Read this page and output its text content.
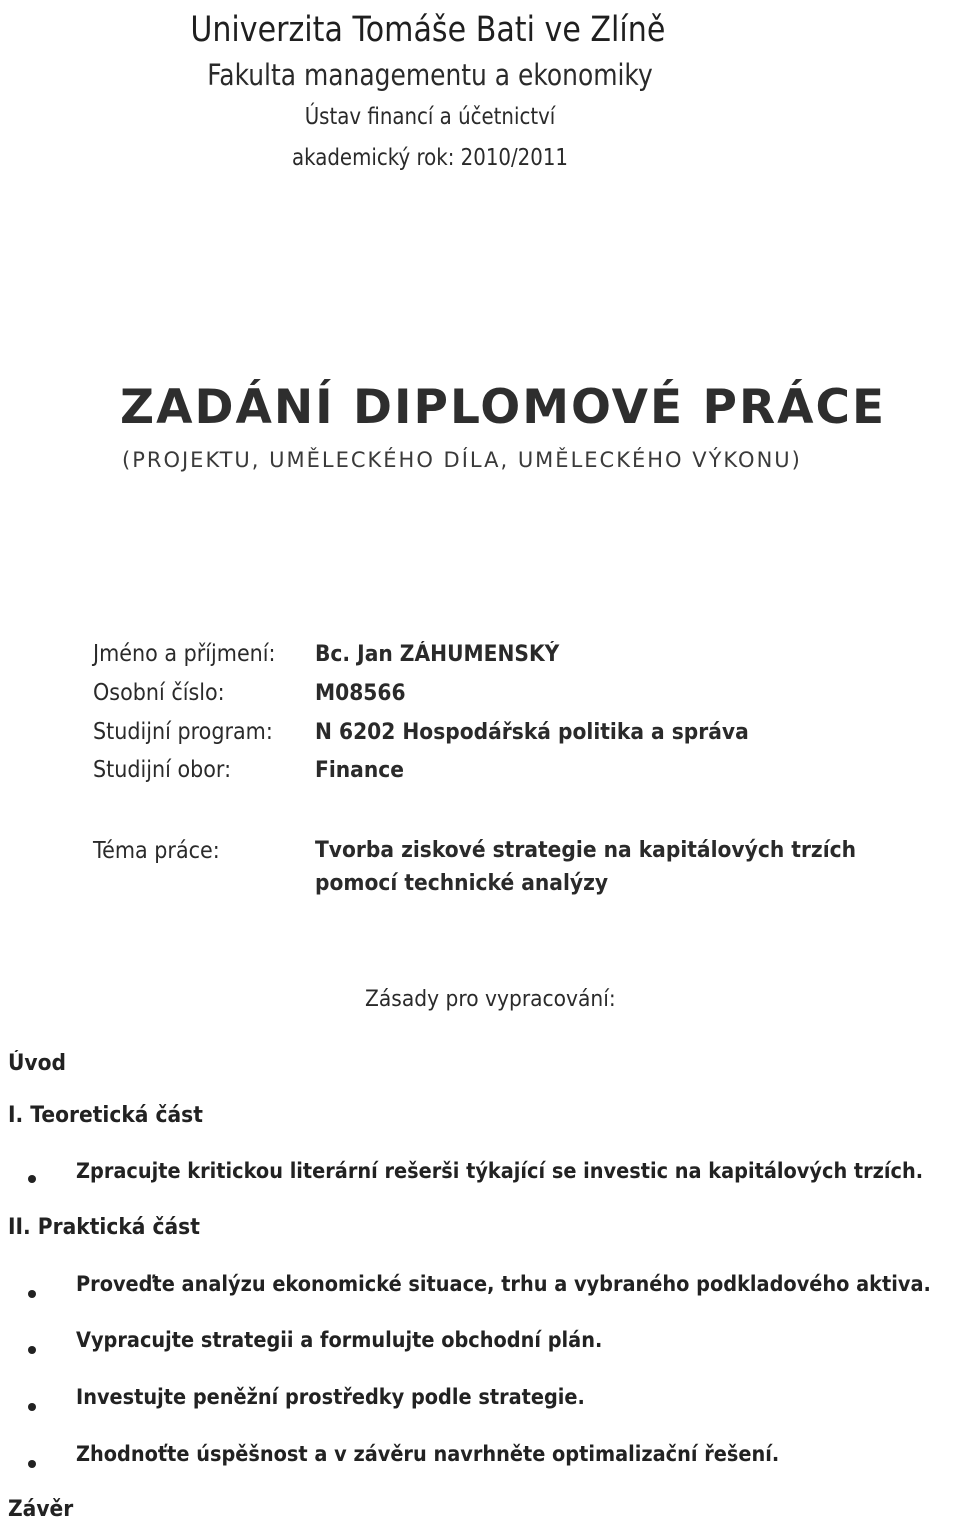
Univerzita Tomáše Bati ve Zlíně
Fakulta managementu a ekonomiky
Ústav financí a účetnictví
akademický rok: 2010/2011
ZADÁNÍ DIPLOMOVÉ PRÁCE
(PROJEKTU, UMĚLECKÉHO DÍLA, UMĚLECKÉHO VÝKONU)
Jméno a příjmení: Bc. Jan ZÁHUMENSKÝ
Osobní číslo:	M08566
Studijní program: N 6202 Hospodářská politika a správa
Studijní obor:	Finance
Téma práce:	Tvorba ziskové strategie na kapitálových trzích
pomocí technické analýzy
Zásady pro vypracování:
Úvod
I. Teoretická část
Zpracujte kritickou literární rešerši týkající se investic na kapitálových trzích.
II. Praktická část
Proveďte analýzu ekonomické situace, trhu a vybraného podkladového aktiva.
Vypracujte strategii a formulujte obchodní plán.
Investujte peněžní prostředky podle strategie.
Zhodnoťte úspěšnost a v závěru navrhněte optimalizační řešení.
Závěr
